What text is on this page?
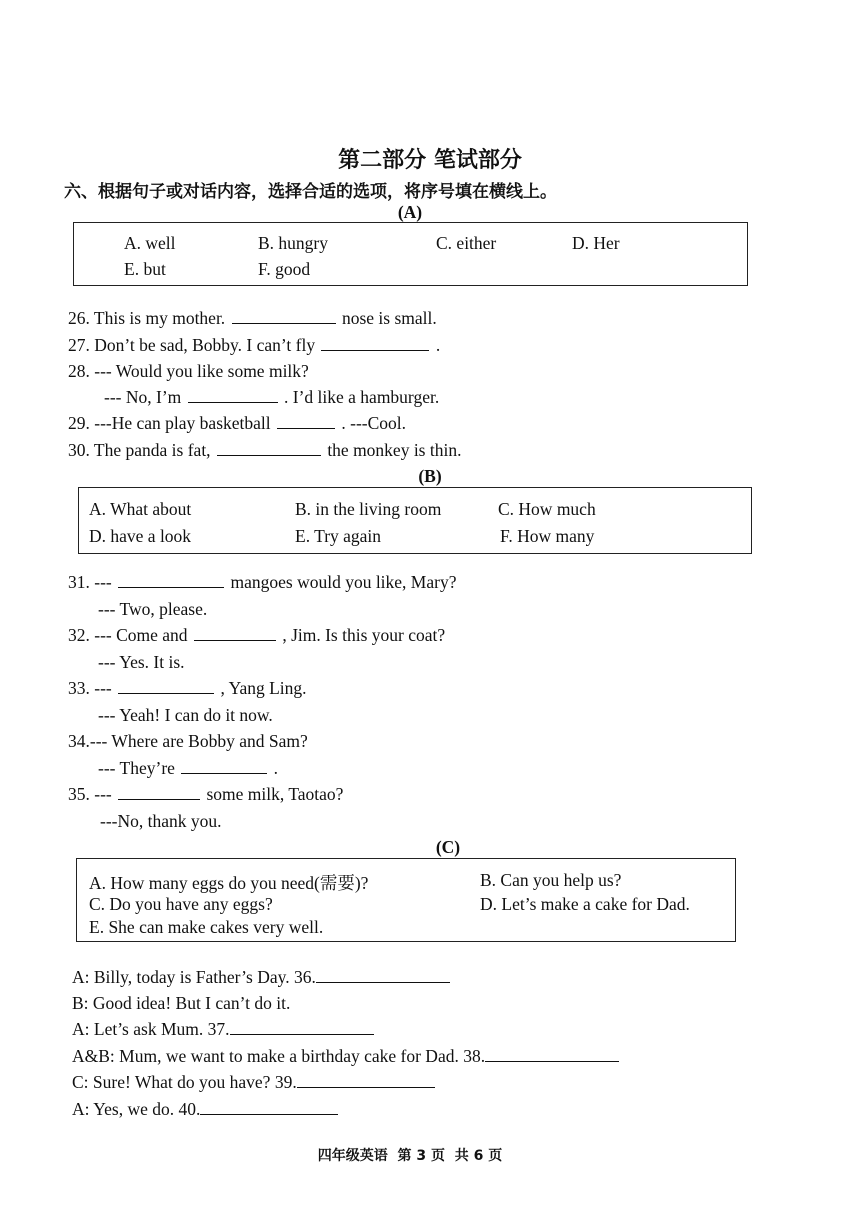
第二部分 笔试部分
六、根据句子或对话内容，选择合适的选项，将序号填在横线上。
(A)
A. well	B. hungry	C. either	D. Her
E. but	F. good
26. This is my mother.	nose is small.
27. Don’t be sad, Bobby. I can’t fly	.
28. --- Would you like some milk?
--- No, I’m	. I’d like a hamburger.
29. ---He can play basketball	. ---Cool.
30. The panda is fat,	the monkey is thin.
(B)
A. What about	B. in the living room	C. How much
D. have a look	E. Try again	F. How many
31. ---	mangoes would you like, Mary?
--- Two, please.
32. --- Come and	, Jim. Is this your coat?
--- Yes. It is.
33. ---	, Yang Ling.
--- Yeah! I can do it now.
34.--- Where are Bobby and Sam?
--- They’re	.
35. ---	some milk, Taotao?
---No, thank you.
(C)
A. How many eggs do you need(需要)?	B. Can you help us?
C. Do you have any eggs?	D. Let’s make a cake for Dad.
E. She can make cakes very well.
A: Billy, today is Father’s Day. 36.
B: Good idea! But I can’t do it.
A: Let’s ask Mum. 37.
A&B: Mum, we want to make a birthday cake for Dad. 38.
C: Sure! What do you have? 39.
A: Yes, we do. 40.
四年级英语  第 3 页  共 6 页
